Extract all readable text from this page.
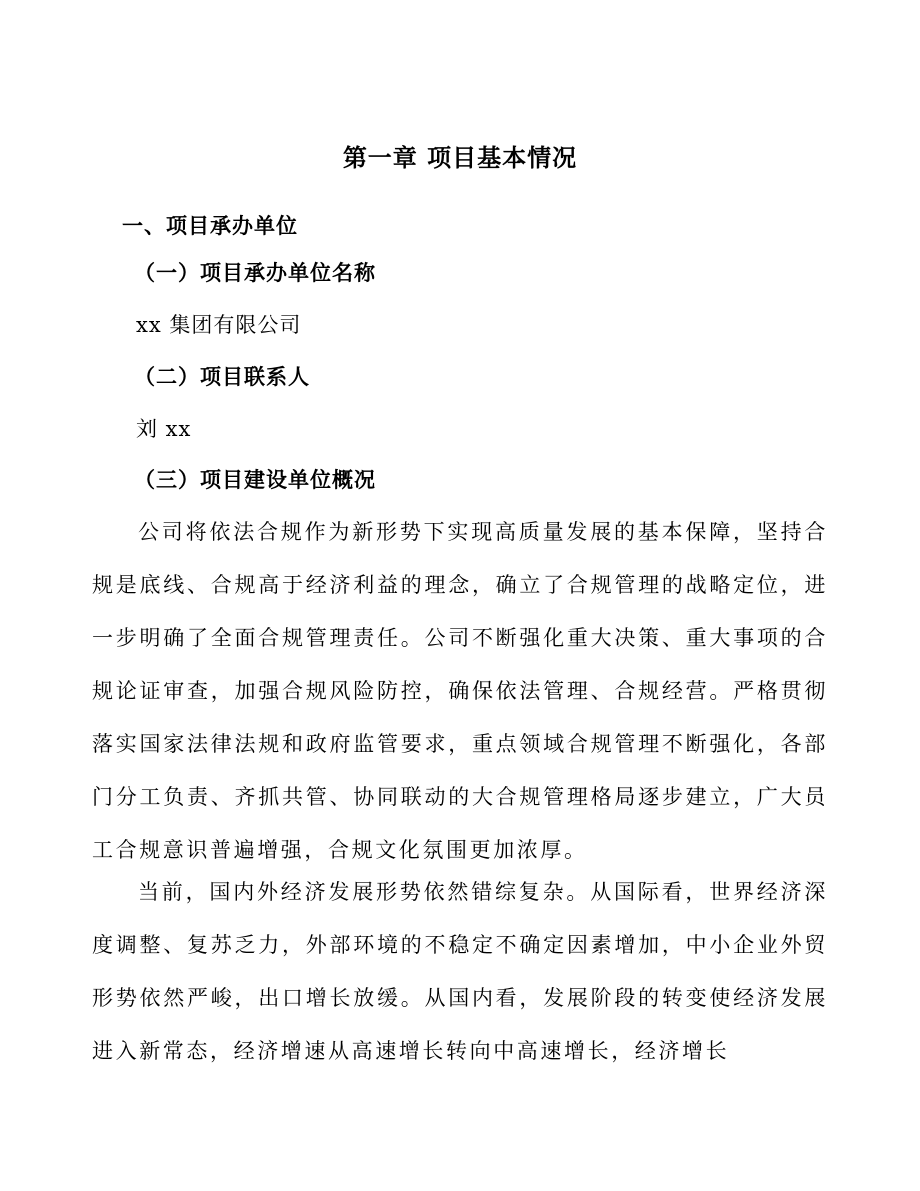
第一章 项目基本情况
一、项目承办单位
（一）项目承办单位名称
xx 集团有限公司
（二）项目联系人
刘 xx
（三）项目建设单位概况

公司将依法合规作为新形势下实现高质量发展的基本保障，坚持合规是底线、合规高于经济利益的理念，确立了合规管理的战略定位，进一步明确了全面合规管理责任。公司不断强化重大决策、重大事项的合规论证审查，加强合规风险防控，确保依法管理、合规经营。严格贯彻落实国家法律法规和政府监管要求，重点领域合规管理不断强化，各部门分工负责、齐抓共管、协同联动的大合规管理格局逐步建立，广大员工合规意识普遍增强，合规文化氛围更加浓厚。

当前，国内外经济发展形势依然错综复杂。从国际看，世界经济深度调整、复苏乏力，外部环境的不稳定不确定因素增加，中小企业外贸形势依然严峻，出口增长放缓。从国内看，发展阶段的转变使经济发展进入新常态，经济增速从高速增长转向中高速增长，经济增长
